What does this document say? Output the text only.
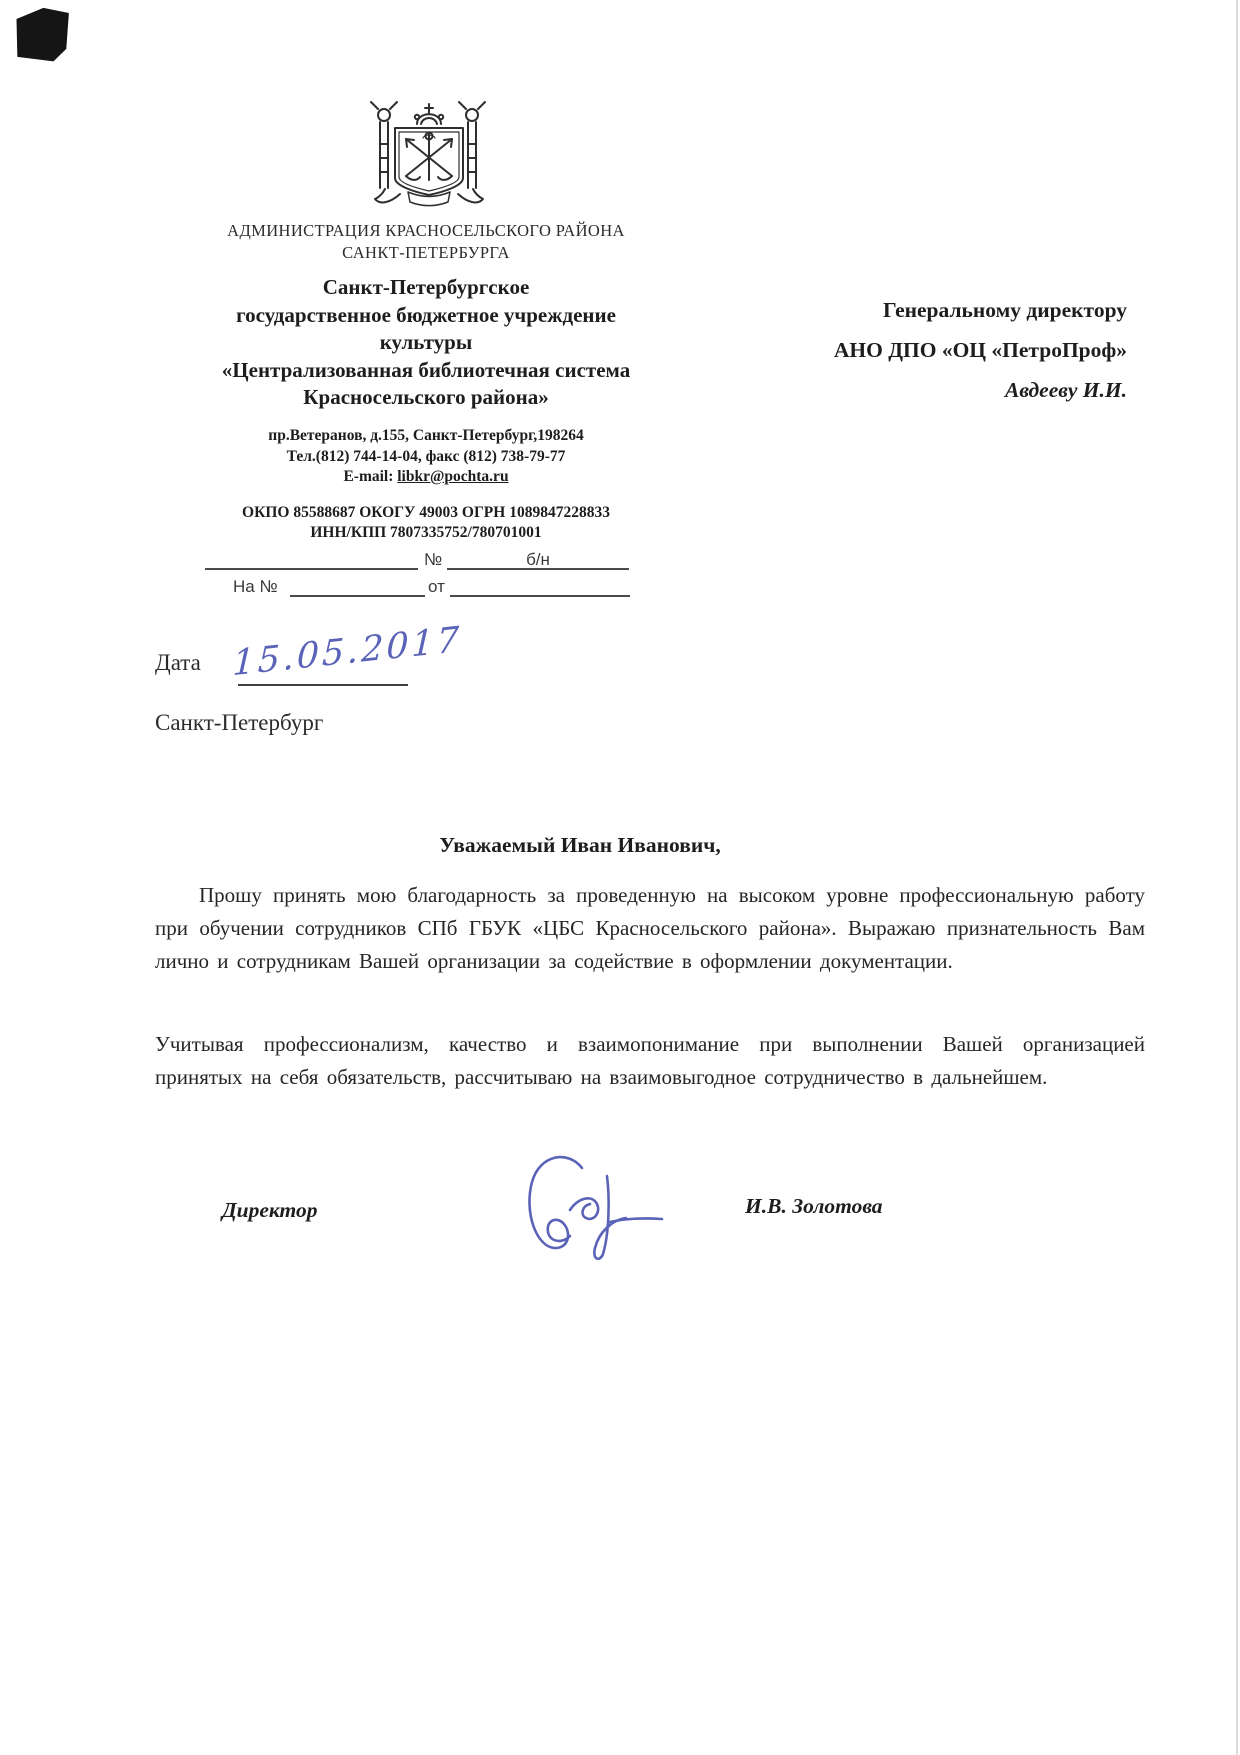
АДМИНИСТРАЦИЯ КРАСНОСЕЛЬСКОГО РАЙОНА
САНКТ-ПЕТЕРБУРГА
Санкт-Петербургское
государственное бюджетное учреждение
культуры
«Централизованная библиотечная система
Красносельского района»
пр.Ветеранов, д.155, Санкт-Петербург,198264
Тел.(812) 744-14-04, факс (812) 738-79-77
E-mail: libkr@pochta.ru
ОКПО 85588687 ОКОГУ 49003 ОГРН 1089847228833
ИНН/КПП 7807335752/780701001
Генеральному директору
АНО ДПО «ОЦ «ПетроПроф»
Авдееву И.И.
№	б/н
На №	от
Дата 15.05.2017
Санкт-Петербург
Уважаемый Иван Иванович,
Прошу принять мою благодарность за проведенную на высоком уровне профессиональную работу при обучении сотрудников СПб ГБУК «ЦБС Красносельского района». Выражаю признательность Вам лично и сотрудникам Вашей организации за содействие в оформлении документации.
Учитывая профессионализм, качество и взаимопонимание при выполнении Вашей организацией принятых на себя обязательств, рассчитываю на взаимовыгодное сотрудничество в дальнейшем.
Директор	И.В. Золотова
